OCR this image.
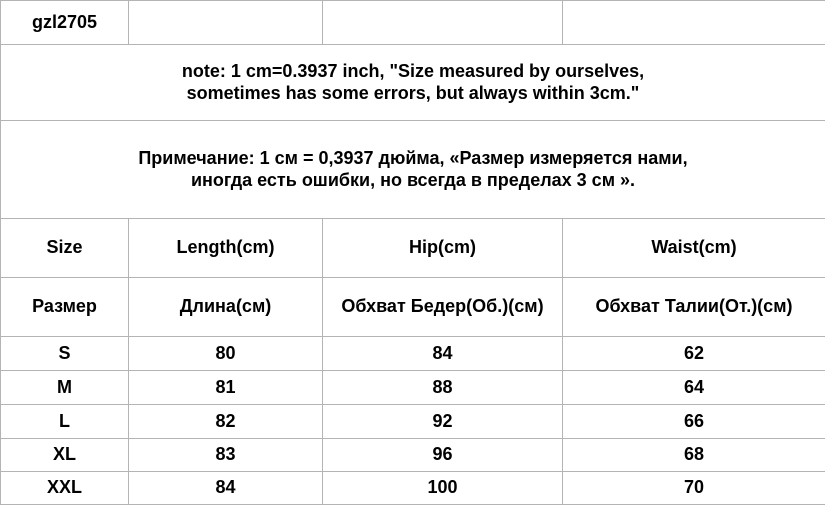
gzl2705			

note: 1 cm=0.3937 inch, "Size measured by ourselves,
sometimes has some errors, but always within 3cm."			

Примечание: 1 см = 0,3937 дюйма, «Размер измеряется нами,
иногда есть ошибки, но всегда в пределах 3 см ».			

Size	Length(cm)	Hip(cm)	Waist(cm)
Размер	Длина(см)	Обхват Бедер(Об.)(см)	Обхват Талии(От.)(см)
S	80	84	62
M	81	88	64
L	82	92	66
XL	83	96	68
XXL	84	100	70
